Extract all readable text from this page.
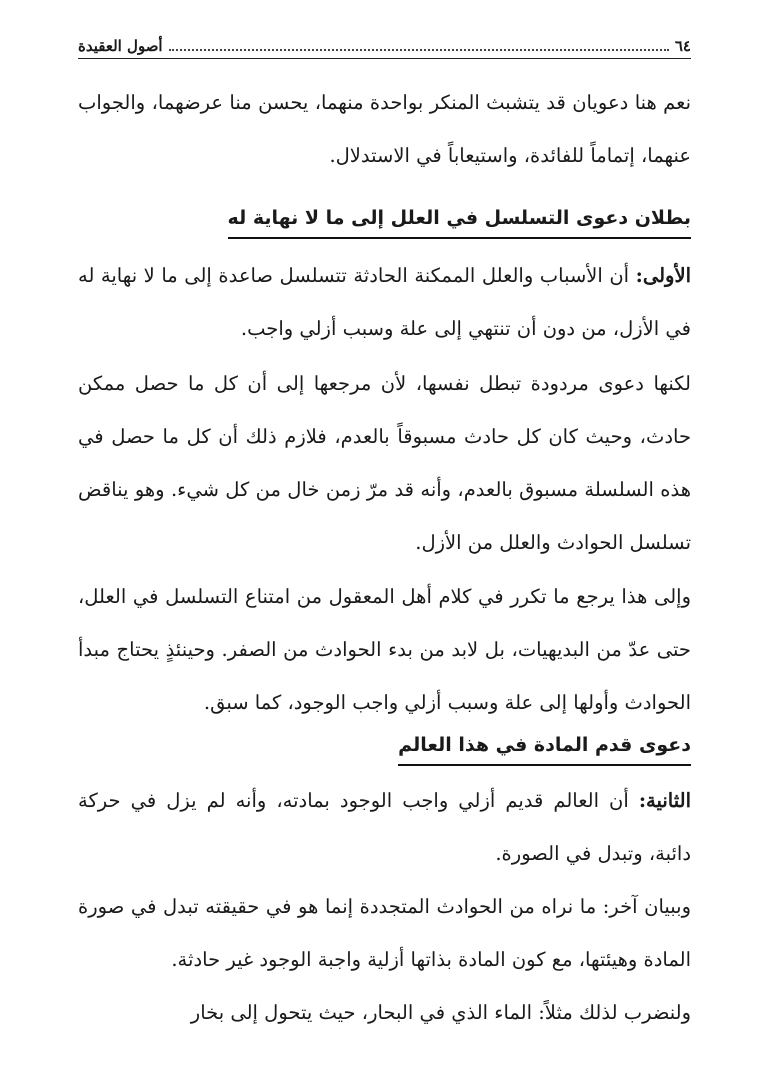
٦٤
أصول العقيدة
نعم هنا دعويان قد يتشبث المنكر بواحدة منهما، يحسن منا عرضهما، والجواب عنهما، إتماماً للفائدة، واستيعاباً في الاستدلال.
بطلان دعوى التسلسل في العلل إلى ما لا نهاية له
الأولى: أن الأسباب والعلل الممكنة الحادثة تتسلسل صاعدة إلى ما لا نهاية له في الأزل، من دون أن تنتهي إلى علة وسبب أزلي واجب.
لكنها دعوى مردودة تبطل نفسها، لأن مرجعها إلى أن كل ما حصل ممكن حادث، وحيث كان كل حادث مسبوقاً بالعدم، فلازم ذلك أن كل ما حصل في هذه السلسلة مسبوق بالعدم، وأنه قد مرّ زمن خال من كل شيء. وهو يناقض تسلسل الحوادث والعلل من الأزل.
وإلى هذا يرجع ما تكرر في كلام أهل المعقول من امتناع التسلسل في العلل، حتى عدّ من البديهيات، بل لابد من بدء الحوادث من الصفر. وحينئذٍ يحتاج مبدأ الحوادث وأولها إلى علة وسبب أزلي واجب الوجود، كما سبق.
دعوى قدم المادة في هذا العالم
الثانية: أن العالم قديم أزلي واجب الوجود بمادته، وأنه لم يزل في حركة دائبة، وتبدل في الصورة.
وببيان آخر: ما نراه من الحوادث المتجددة إنما هو في حقيقته تبدل في صورة المادة وهيئتها، مع كون المادة بذاتها أزلية واجبة الوجود غير حادثة.
ولنضرب لذلك مثلاً: الماء الذي في البحار، حيث يتحول إلى بخار
